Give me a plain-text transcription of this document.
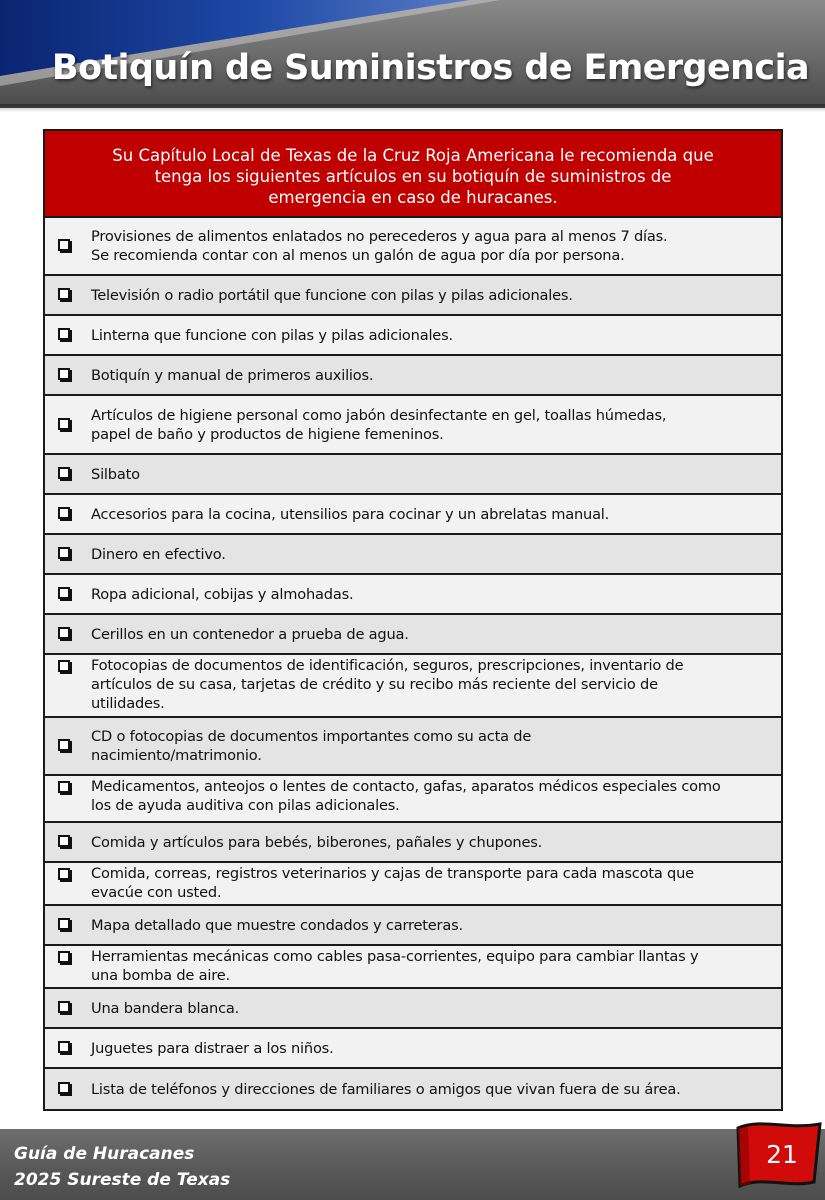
Botiquín de Suministros de Emergencia
Su Capítulo Local de Texas de la Cruz Roja Americana le recomienda que
tenga los siguientes artículos en su botiquín de suministros de
emergencia en caso de huracanes.
Provisiones de alimentos enlatados no perecederos y agua para al menos 7 días.
Se recomienda contar con al menos un galón de agua por día por persona.
Televisión o radio portátil que funcione con pilas y pilas adicionales.
Linterna que funcione con pilas y pilas adicionales.
Botiquín y manual de primeros auxilios.
Artículos de higiene personal como jabón desinfectante en gel, toallas húmedas,
papel de baño y productos de higiene femeninos.
Silbato
Accesorios para la cocina, utensilios para cocinar y un abrelatas manual.
Dinero en efectivo.
Ropa adicional, cobijas y almohadas.
Cerillos en un contenedor a prueba de agua.
Fotocopias de documentos de identificación, seguros, prescripciones, inventario de
artículos de su casa, tarjetas de crédito y su recibo más reciente del servicio de
utilidades.
CD o fotocopias de documentos importantes como su acta de
nacimiento/matrimonio.
Medicamentos, anteojos o lentes de contacto, gafas, aparatos médicos especiales como
los de ayuda auditiva con pilas adicionales.
Comida y artículos para bebés, biberones, pañales y chupones.
Comida, correas, registros veterinarios y cajas de transporte para cada mascota que
evacúe con usted.
Mapa detallado que muestre condados y carreteras.
Herramientas mecánicas como cables pasa-corrientes, equipo para cambiar llantas y
una bomba de aire.
Una bandera blanca.
Juguetes para distraer a los niños.
Lista de teléfonos y direcciones de familiares o amigos que vivan fuera de su área.
Guía de Huracanes
2025 Sureste de Texas
21
